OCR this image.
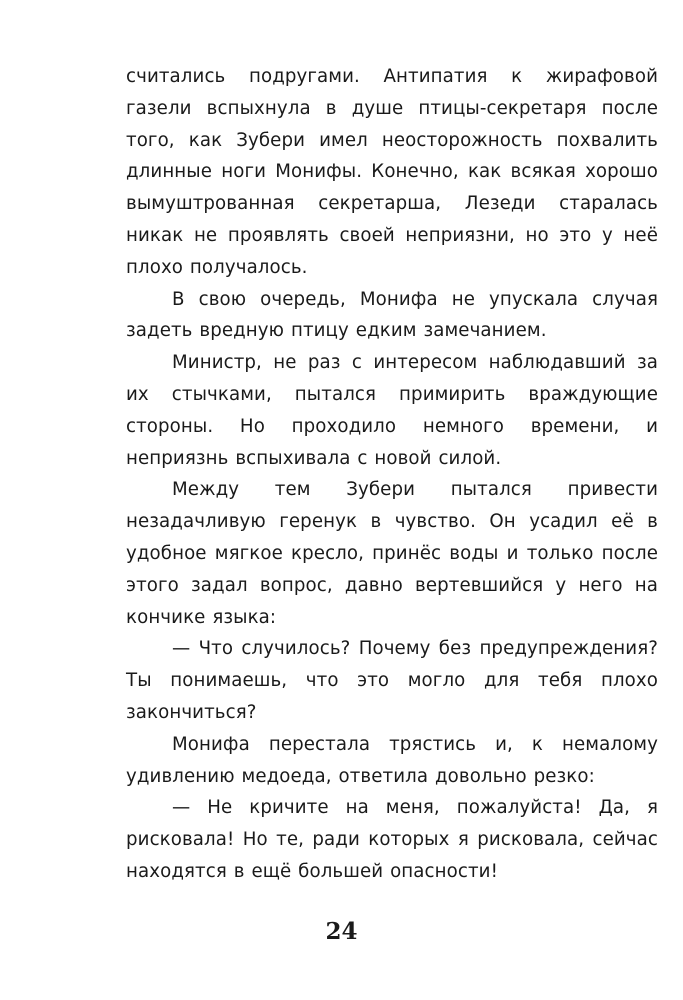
считались подругами. Антипатия к жирафовой газели вспыхнула в душе птицы-секретаря после того, как Зубери имел неосторожность похвалить длинные ноги Монифы. Конечно, как всякая хорошо вымуштрованная секретарша, Лезеди старалась никак не проявлять своей неприязни, но это у неё плохо получалось.

В свою очередь, Монифа не упускала случая задеть вредную птицу едким замечанием.

Министр, не раз с интересом наблюдавший за их стычками, пытался примирить враждующие стороны. Но проходило немного времени, и неприязнь вспыхивала с новой силой.

Между тем Зубери пытался привести незадачливую геренук в чувство. Он усадил её в удобное мягкое кресло, принёс воды и только после этого задал вопрос, давно вертевшийся у него на кончике языка:

— Что случилось? Почему без предупреждения? Ты понимаешь, что это могло для тебя плохо закончиться?

Монифа перестала трястись и, к немалому удивлению медоеда, ответила довольно резко:

— Не кричите на меня, пожалуйста! Да, я рисковала! Но те, ради которых я рисковала, сейчас находятся в ещё большей опасности!

24
